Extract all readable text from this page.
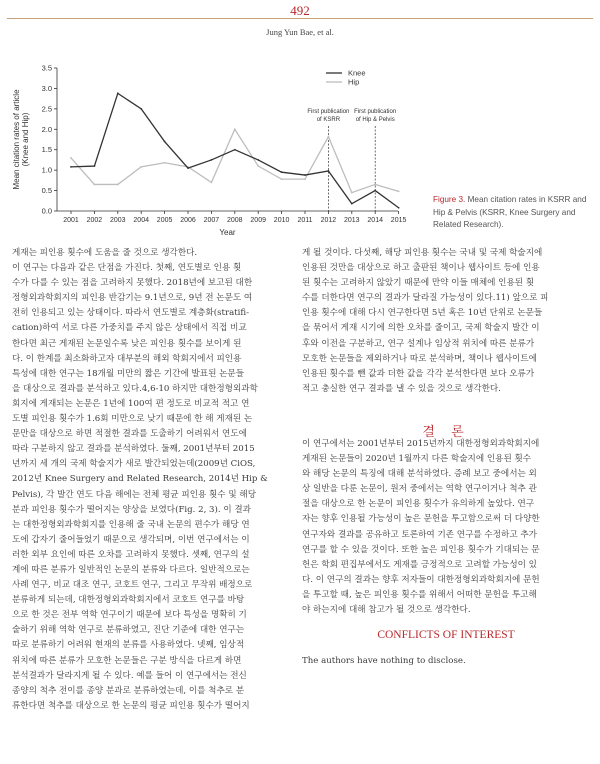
492
Jung Yun Bae, et al.
0.0
0.5
1.0
1.5
2.0
2.5
3.0
3.5
2001 2002 2003 2004 2005 2006 2007 2008 2009 2010 2011 2012 2013 2014 2015
Year
Mean citation rates of article (Knee and Hip)
First publication
of KSRR
First publication
of Hip & Pelvis
Knee
Hip
Figure 3. Mean citation rates in KSRR and Hip & Pelvis (KSRR, Knee Surgery and Related Research).

게재는 피인용 횟수에 도움을 줄 것으로 생각한다.

이 연구는 다음과 같은 단점을 가진다. 첫째, 연도별로 인용 횟

수가 다를 수 있는 점을 고려하지 못했다. 2018년에 보고된 대한

정형외과학회지의 피인용 반감기는 9.1년으로, 9년 전 논문도 여

전히 인용되고 있는 상태이다. 따라서 연도별로 계층화(stratifi-

cation)하여 서로 다른 가중치를 주지 않은 상태에서 직접 비교

한다면 최근 게재된 논문일수록 낮은 피인용 횟수를 보이게 된

다. 이 한계를 최소화하고자 대부분의 해외 학회지에서 피인용

특성에 대한 연구는 18개월 미만의 짧은 기간에 발표된 논문들

을 대상으로 결과를 분석하고 있다.4,6-10 하지만 대한정형외과학

회지에 게재되는 논문은 1년에 100여 편 정도로 비교적 적고 연

도별 피인용 횟수가 1.6회 미만으로 낮기 때문에 한 해 게재된 논

문만을 대상으로 하면 적절한 결과를 도출하기 어려워서 연도에

따라 구분하지 않고 결과를 분석하였다. 둘째, 2001년부터 2015

년까지 세 개의 국제 학술지가 새로 발간되었는데(2009년 CiOS,

2012년 Knee Surgery and Related Research, 2014년 Hip &

Pelvis), 각 발간 연도 다음 해에는 전체 평균 피인용 횟수 및 해당

분과 피인용 횟수가 떨어지는 양상을 보였다(Fig. 2, 3). 이 결과

는 대한정형외과학회지를 인용해 줄 국내 논문의 편수가 해당 연

도에 갑자기 줄어들었기 때문으로 생각되며, 이번 연구에서는 이

러한 외부 요인에 따른 오차를 고려하지 못했다. 셋째, 연구의 설

계에 따른 분류가 일반적인 논문의 분류와 다르다. 일반적으로는

사례 연구, 비교 대조 연구, 코호트 연구, 그리고 무작위 배정으로

분류하게 되는데, 대한정형외과학회지에서 코호트 연구를 바탕

으로 한 것은 전부 역학 연구이기 때문에 보다 특성을 명확히 기

술하기 위해 역학 연구로 분류하였고, 진단 기준에 대한 연구는

따로 분류하기 어려워 현재의 분류를 사용하였다. 넷째, 임상적

위치에 따른 분류가 모호한 논문들은 구분 방식을 다르게 하면

분석결과가 달라지게 될 수 있다. 예를 들어 이 연구에서는 전신

종양의 척추 전이를 종양 분과로 분류하였는데, 이를 척추로 분

류한다면 척추를 대상으로 한 논문의 평균 피인용 횟수가 떨어지

게 될 것이다. 다섯째, 해당 피인용 횟수는 국내 및 국제 학술지에

인용된 것만을 대상으로 하고 출판된 책이나 웹사이트 등에 인용

된 횟수는 고려하지 않았기 때문에 만약 이들 매체에 인용된 횟

수를 더한다면 연구의 결과가 달라질 가능성이 있다.11) 앞으로 피

인용 횟수에 대해 다시 연구한다면 5년 혹은 10년 단위로 논문들

을 묶어서 게재 시기에 의한 오차를 줄이고, 국제 학술지 발간 이

후와 이전을 구분하고, 연구 설계나 임상적 위치에 따른 분류가

모호한 논문들을 제외하거나 따로 분석하며, 책이나 웹사이트에

인용된 횟수를 뺀 값과 더한 값을 각각 분석한다면 보다 오류가

적고 충실한 연구 결과를 낼 수 있을 것으로 생각한다.

결 론

이 연구에서는 2001년부터 2015년까지 대한정형외과학회지에

게재된 논문들이 2020년 1월까지 다른 학술지에 인용된 횟수

와 해당 논문의 특징에 대해 분석하였다. 증례 보고 중에서는 외

상 일반을 다룬 논문이, 원저 중에서는 역학 연구이거나 척추 관

절을 대상으로 한 논문이 피인용 횟수가 유의하게 높았다. 연구

자는 향후 인용될 가능성이 높은 문헌을 투고함으로써 더 다양한

연구자와 결과를 공유하고 토론하여 기존 연구를 수정하고 추가

연구를 할 수 있을 것이다. 또한 높은 피인용 횟수가 기대되는 문

헌은 학회 편집부에서도 게재를 긍정적으로 고려할 가능성이 있

다. 이 연구의 결과는 향후 저자들이 대한정형외과학회지에 문헌

을 투고할 때, 높은 피인용 횟수를 위해서 어떠한 문헌을 투고해

야 하는지에 대해 참고가 될 것으로 생각한다.

CONFLICTS OF INTEREST
The authors have nothing to disclose.
